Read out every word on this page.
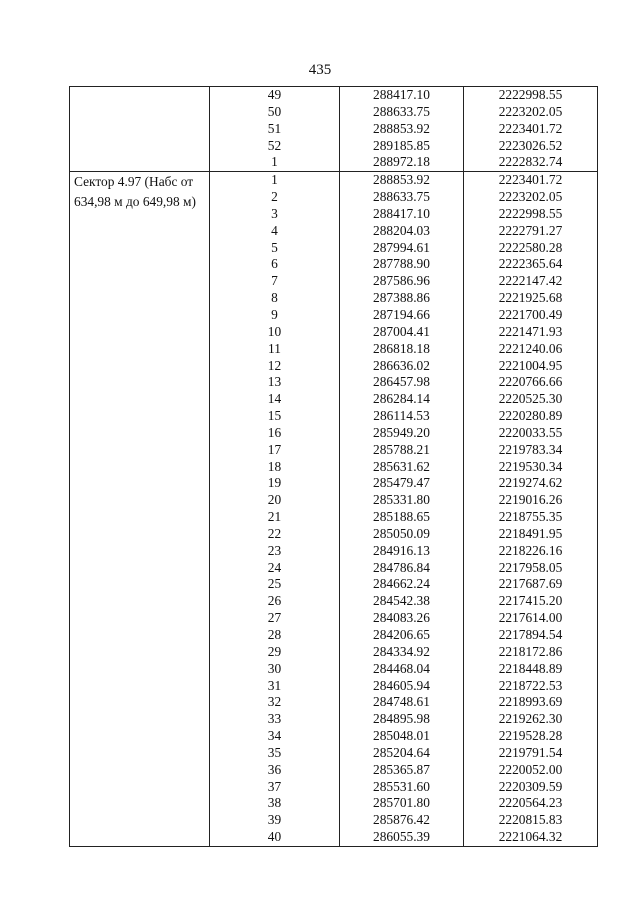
435
	49	288417.10	2222998.55
	50	288633.75	2223202.05
	51	288853.92	2223401.72
	52	289185.85	2223026.52
	1	288972.18	2222832.74
Сектор 4.97 (Набс от 634,98 м до 649,98 м)	1	288853.92	2223401.72
	2	288633.75	2223202.05
	3	288417.10	2222998.55
	4	288204.03	2222791.27
	5	287994.61	2222580.28
	6	287788.90	2222365.64
	7	287586.96	2222147.42
	8	287388.86	2221925.68
	9	287194.66	2221700.49
	10	287004.41	2221471.93
	11	286818.18	2221240.06
	12	286636.02	2221004.95
	13	286457.98	2220766.66
	14	286284.14	2220525.30
	15	286114.53	2220280.89
	16	285949.20	2220033.55
	17	285788.21	2219783.34
	18	285631.62	2219530.34
	19	285479.47	2219274.62
	20	285331.80	2219016.26
	21	285188.65	2218755.35
	22	285050.09	2218491.95
	23	284916.13	2218226.16
	24	284786.84	2217958.05
	25	284662.24	2217687.69
	26	284542.38	2217415.20
	27	284083.26	2217614.00
	28	284206.65	2217894.54
	29	284334.92	2218172.86
	30	284468.04	2218448.89
	31	284605.94	2218722.53
	32	284748.61	2218993.69
	33	284895.98	2219262.30
	34	285048.01	2219528.28
	35	285204.64	2219791.54
	36	285365.87	2220052.00
	37	285531.60	2220309.59
	38	285701.80	2220564.23
	39	285876.42	2220815.83
	40	286055.39	2221064.32
